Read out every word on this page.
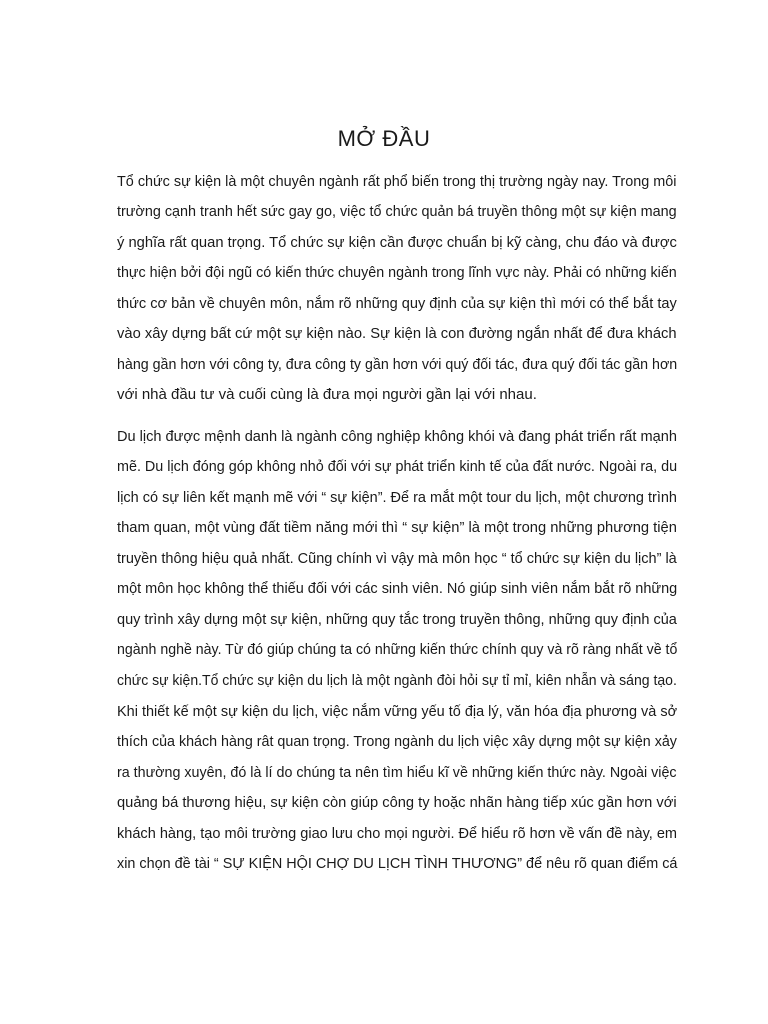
MỞ ĐẦU
Tổ chức sự kiện là một chuyên ngành rất phổ biến trong thị trường ngày nay. Trong môi
trường cạnh tranh hết sức gay go, việc tổ chức quản bá truyền thông một sự kiện mang
ý nghĩa rất quan trọng. Tổ chức sự kiện cần được chuẩn bị kỹ càng, chu đáo và được
thực hiện bởi đội ngũ có kiến thức chuyên ngành trong lĩnh vực này. Phải có những kiến
thức cơ bản về chuyên môn, nắm rõ những quy định của sự kiện thì mới có thể bắt tay
vào xây dựng bất cứ một sự kiện nào. Sự kiện là con đường ngắn nhất để đưa khách
hàng gần hơn với công ty, đưa công ty gần hơn với quý đối tác, đưa quý đối tác gần hơn
với nhà đầu tư và cuối cùng là đưa mọi người gần lại với nhau.
Du lịch được mệnh danh là ngành công nghiệp không khói và đang phát triển rất mạnh
mẽ. Du lịch đóng góp không nhỏ đối với sự phát triển kinh tế của đất nước. Ngoài ra, du
lịch có sự liên kết mạnh mẽ với “ sự kiện”. Để ra mắt một tour du lịch, một chương trình
tham quan, một vùng đất tiềm năng mới thì “ sự kiện” là một trong những phương tiện
truyền thông hiệu quả nhất. Cũng chính vì vậy mà môn học “ tổ chức sự kiện du lịch” là
một môn học không thể thiếu đối với các sinh viên. Nó giúp sinh viên nắm bắt rõ những
quy trình xây dựng một sự kiện, những quy tắc trong truyền thông, những quy định của
ngành nghề này. Từ đó giúp chúng ta có những kiến thức chính quy và rõ ràng nhất về tổ
chức sự kiện.Tổ chức sự kiện du lịch là một ngành đòi hỏi sự tỉ mỉ, kiên nhẫn và sáng tạo.
Khi thiết kế một sự kiện du lịch, việc nắm vững yếu tố địa lý, văn hóa địa phương và sở
thích của khách hàng rât quan trọng. Trong ngành du lịch việc xây dựng một sự kiện xảy
ra thường xuyên, đó là lí do chúng ta nên tìm hiểu kĩ về những kiến thức này. Ngoài việc
quảng bá thương hiệu, sự kiện còn giúp công ty hoặc nhãn hàng tiếp xúc gần hơn với
khách hàng, tạo môi trường giao lưu cho mọi người. Để hiểu rõ hơn về vấn đề này, em
xin chọn đề tài “ SỰ KIỆN HỘI CHỢ DU LỊCH TÌNH THƯƠNG” để nêu rõ quan điểm cá
